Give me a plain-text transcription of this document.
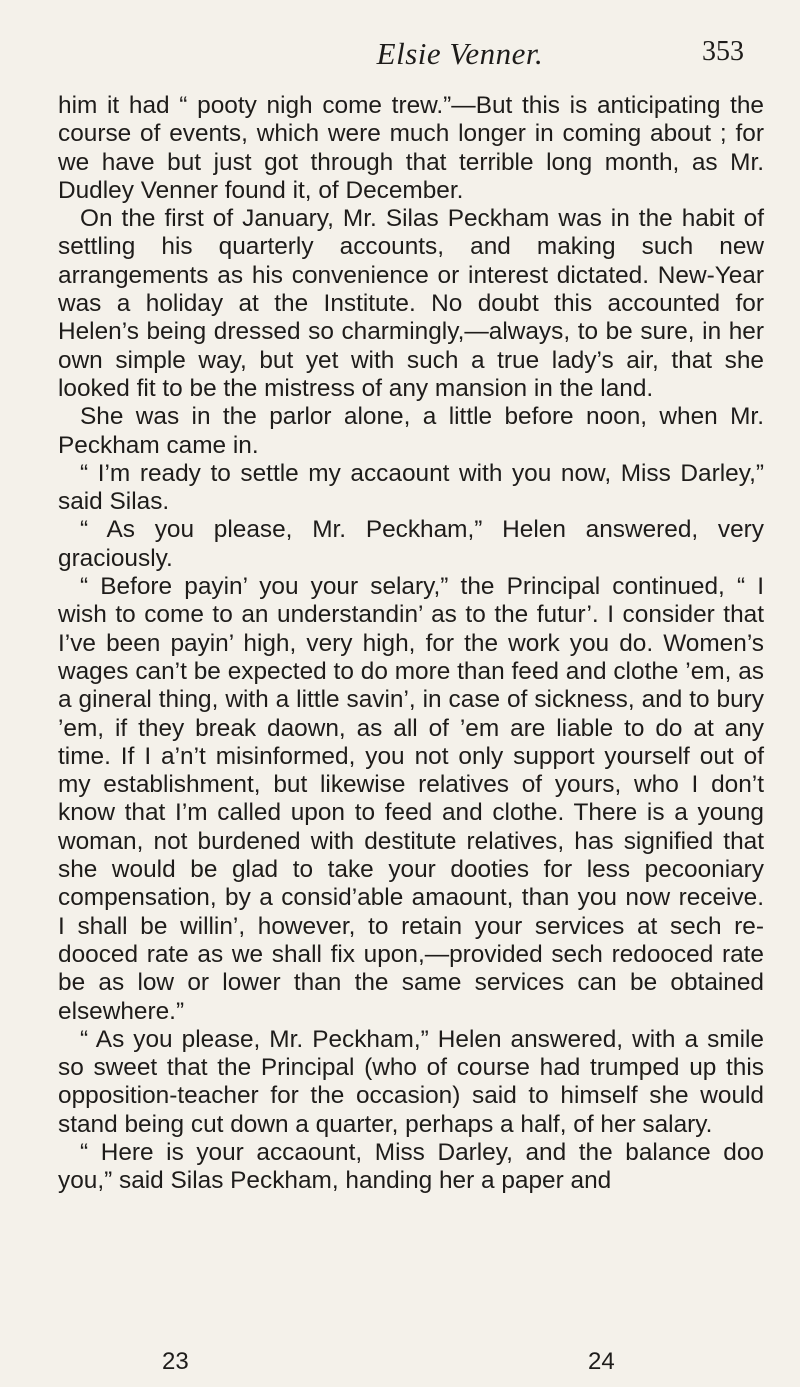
Elsie Venner.	353

him it had “ pooty nigh come trew.”—But this is anticipating the course of events, which were much longer in coming about ; for we have but just got through that terrible long month, as Mr. Dudley Venner found it, of December.

On the first of January, Mr. Silas Peckham was in the habit of settling his quarterly accounts, and making such new arrangements as his convenience or interest dictated. New-Year was a holiday at the Institute. No doubt this accounted for Helen’s being dressed so charmingly,—always, to be sure, in her own simple way, but yet with such a true lady’s air, that she looked fit to be the mistress of any mansion in the land.

She was in the parlor alone, a little before noon, when Mr. Peckham came in.

“ I’m ready to settle my accaount with you now, Miss Darley,” said Silas.

“ As you please, Mr. Peckham,” Helen answered, very graciously.

“ Before payin’ you your selary,” the Principal continued, “ I wish to come to an understandin’ as to the futur’. I consider that I’ve been payin’ high, very high, for the work you do. Women’s wages can’t be expected to do more than feed and clothe ’em, as a gineral thing, with a little savin’, in case of sickness, and to bury ’em, if they break daown, as all of ’em are liable to do at any time. If I a’n’t misinformed, you not only support yourself out of my establishment, but likewise relatives of yours, who I don’t know that I’m called upon to feed and clothe. There is a young woman, not burdened with destitute relatives, has signified that she would be glad to take your dooties for less pecooniary compensation, by a consid’able amaount, than you now receive. I shall be willin’, however, to retain your services at sech redooced rate as we shall fix upon,—provided sech redooced rate be as low or lower than the same services can be obtained elsewhere.”

“ As you please, Mr. Peckham,” Helen answered, with a smile so sweet that the Principal (who of course had trumped up this opposition-teacher for the occasion) said to himself she would stand being cut down a quarter, perhaps a half, of her salary.

“ Here is your accaount, Miss Darley, and the balance doo you,” said Silas Peckham, handing her a paper and

23	24
